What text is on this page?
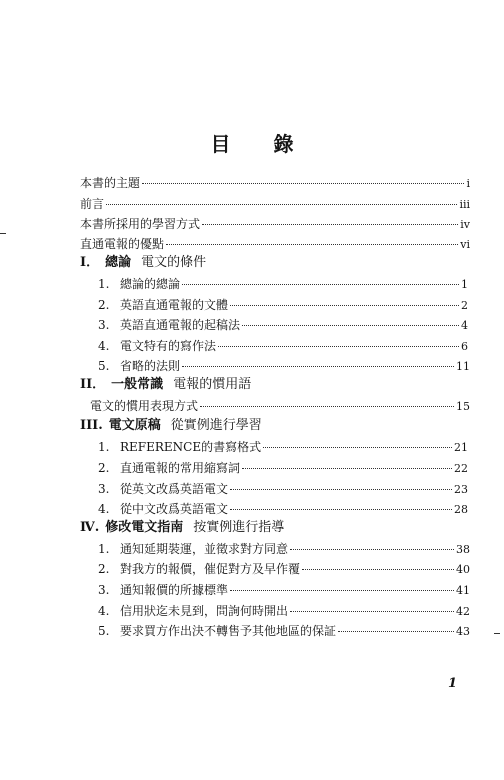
目 錄
本書的主題	i
前言	iii
本書所採用的學習方式	iv
直通電報的優點	vi
I． 總論 電文的條件
1. 總論的總論	1
2. 英語直通電報的文體	2
3. 英語直通電報的起稿法	4
4. 電文特有的寫作法	6
5. 省略的法則	11
II． 一般常識 電報的慣用語
電文的慣用表現方式	15
III. 電文原稿 從實例進行學習
1. REFERENCE的書寫格式	21
2. 直通電報的常用縮寫詞	22
3. 從英文改爲英語電文	23
4. 從中文改爲英語電文	28
Ⅳ. 修改電文指南 按實例進行指導
1. 通知延期裝運，並徵求對方同意	38
2. 對我方的報價，催促對方及早作覆	40
3. 通知報價的所據標準	41
4. 信用狀迄未見到，問詢何時開出	42
5. 要求買方作出決不轉售予其他地區的保証	43
1
